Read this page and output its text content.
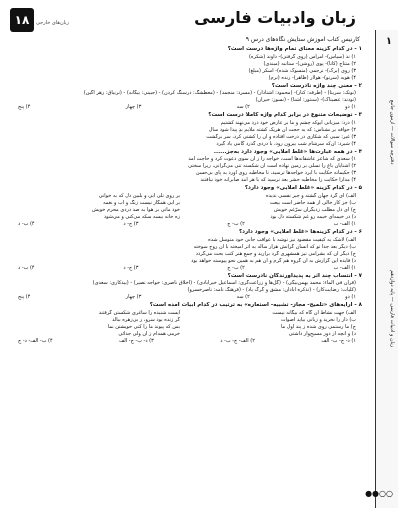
۱۸	زبان‌های خارجی	زبان وادبیات فارسی
کارنیس کتاب آموزش ستایش نگاه‌های درس ۹	۱
دفترچه سوالات — آزمون جامع
زبان و ادبیات فارسی — پایه دوازدهم
●●○○
۱ - در کدام گزینه معنای تمام واژه‌ها درست است؟
۱) ند (سیاس)- امراس (روی گرفتی)- داوند (شکره)
۲) منتاج (کانا)- پوی (روشن)- ستانبه (مبندی)
۳) روی (برک)- نرجمی (منسوک شده)- اسکر (مبلغ)
۴) هوبه (سرنو)- هولار (ظاهر)- زنده (نرم)
۲ - معنی چند واژه نادرست است؟
(نونک: سرینا) - (طرفه: کنار)- (محمود: آشنادار) - (مسرد: منجمد) - (معطشگ: درسنگ کردن) - (جبینی: بیگانه) - (ترنیاق: زهر آگین)
(تودند: عصیناک)- (سنتور: آشنا) - (نسوز: حیران)
۱) دو
۲) سه
۳) چهار
۴) پنج
۳ - توضیحات متنوع در برابر کدام واژه کاملاً درست است؟
۱) درد: میزبانی ایوکه چشم و ما بر عارض خود درد می‌نهند کشتیم
۲) حوافه بر نشناس: که به حجت‌ آن هریک کشته ملایم بدِ پیدا شود سال
۳) غیر: سبی که شکاری در درخت افتاده و آن را کشتی کرد، سر برگشت
۴) شیرد: آن‌که سرشام شب بیرون رود، با دردی گذرد گامی یاد گیرد
۴ - در همه عبارت‌ها «غلط املایی» وجود دارد به‌جز......
۱) سعدی که شاعر عاشقانه‌ها است، خواجه را ز آن سوی دعوت کرد و حاجت آمد
۲) آشنایان باغ را تسلی بر زمین نهاده است آن شکسته تنی می‌گرانی، زیرا سختی
۳) حکیمانه حکایت با ابرد خواجه‌ها ترسید، تا مخاطبه روی آورد به پای بی‌حسن
۴) مدارا حکایت را مخاطبه حشر بعد نرسید که با هر آمد صابرانه خود نیافتند
۵ - در کدام گزینه «غلط املایی» وجود دارد؟
الف) ای گرد جهان گشته و جبر نفسی ندیده
بر روی تلی آبی و بلبین دل که به خوانی
ب) جز کار خالی از همه حاضر است بیعت
بر آبی همگار نیست زنگ و آب و نغمه
ج) ای دل مطلب زدیگران سرّغم خویش
خود ماتی بر هوا به صد دردی محرم خویش
د) در خیمه‌ای خیمه رو غم شکسته دل بود
زه خانه بیسه سکه می‌کنی و می‌شود
۱) الف- ب
۲) ب- ج
۳) ج- د
۴) ب- د
۶ - در کدام گزینه‌ها «غلط املایی» وجود دارد؟
الف) لاشک به کیفیت مقصود نیز توشه با عواقب جانی خود متوسل شده
ب) دیگر بعد جدا تو که انسان گرانش هزار ساله به اثر آمیخته با آن روح سوخته
ج) دیگر آن که بشرامی نیز همشهری گرد برآرید و جمع هنر کتب بحث می‌گردد
د) فایده این گزارش به آن گروه هم گرم و آن هم به همین نحو پیوسته خواهد بود
۱) الف- ب
۲) ب- ج
۳) ج- د
۴) ب- د
۷ - انتساب چند اثر به پدیدآورندگان نادرست است؟
(قرآن فی الماء: محمد بهمن‌بیگی) - (گل‌ها و زراعت‌گری: اسماعیل خیرآبادی) - (اخلاق ناصری: خواجه نصیر) - (بیدکاری: سعدی)
(کلیات: رضایت‌کار) - (تذکره آبادان: مشق و گرگ یاد) - (فرهنگ نامه: ناصرخسرو)
۱) دو
۲) سه
۳) چهار
۴) پنج
۸ - آرایه‌های «تلمیح- مجاز- تشبیه- استعاره» به ترتیب در کدام ابیات آمده است؟
الف) جهت نشاط آن گاه که بیگانه نیست
ایست شنیده را ساغری شکستن گرفتند
ب) دار را نخرید و زبانی بیاید اصوات
گر زنده بود سرو، ز بی‌زهره ببالد
ج) ما رستمی روی شده ز پند اول ما
بس که پیوند ما را کنی خویشتن نما
د) و آنچه از دور مسیح‌وار داشتی
خرمی همه‌ام ز آن ولی جدائی
۱) د- ج- ب- الف
۲) الف- ج- ب- د
۳) د- ب- ج- الف
۴) ب- الف- د- ج
